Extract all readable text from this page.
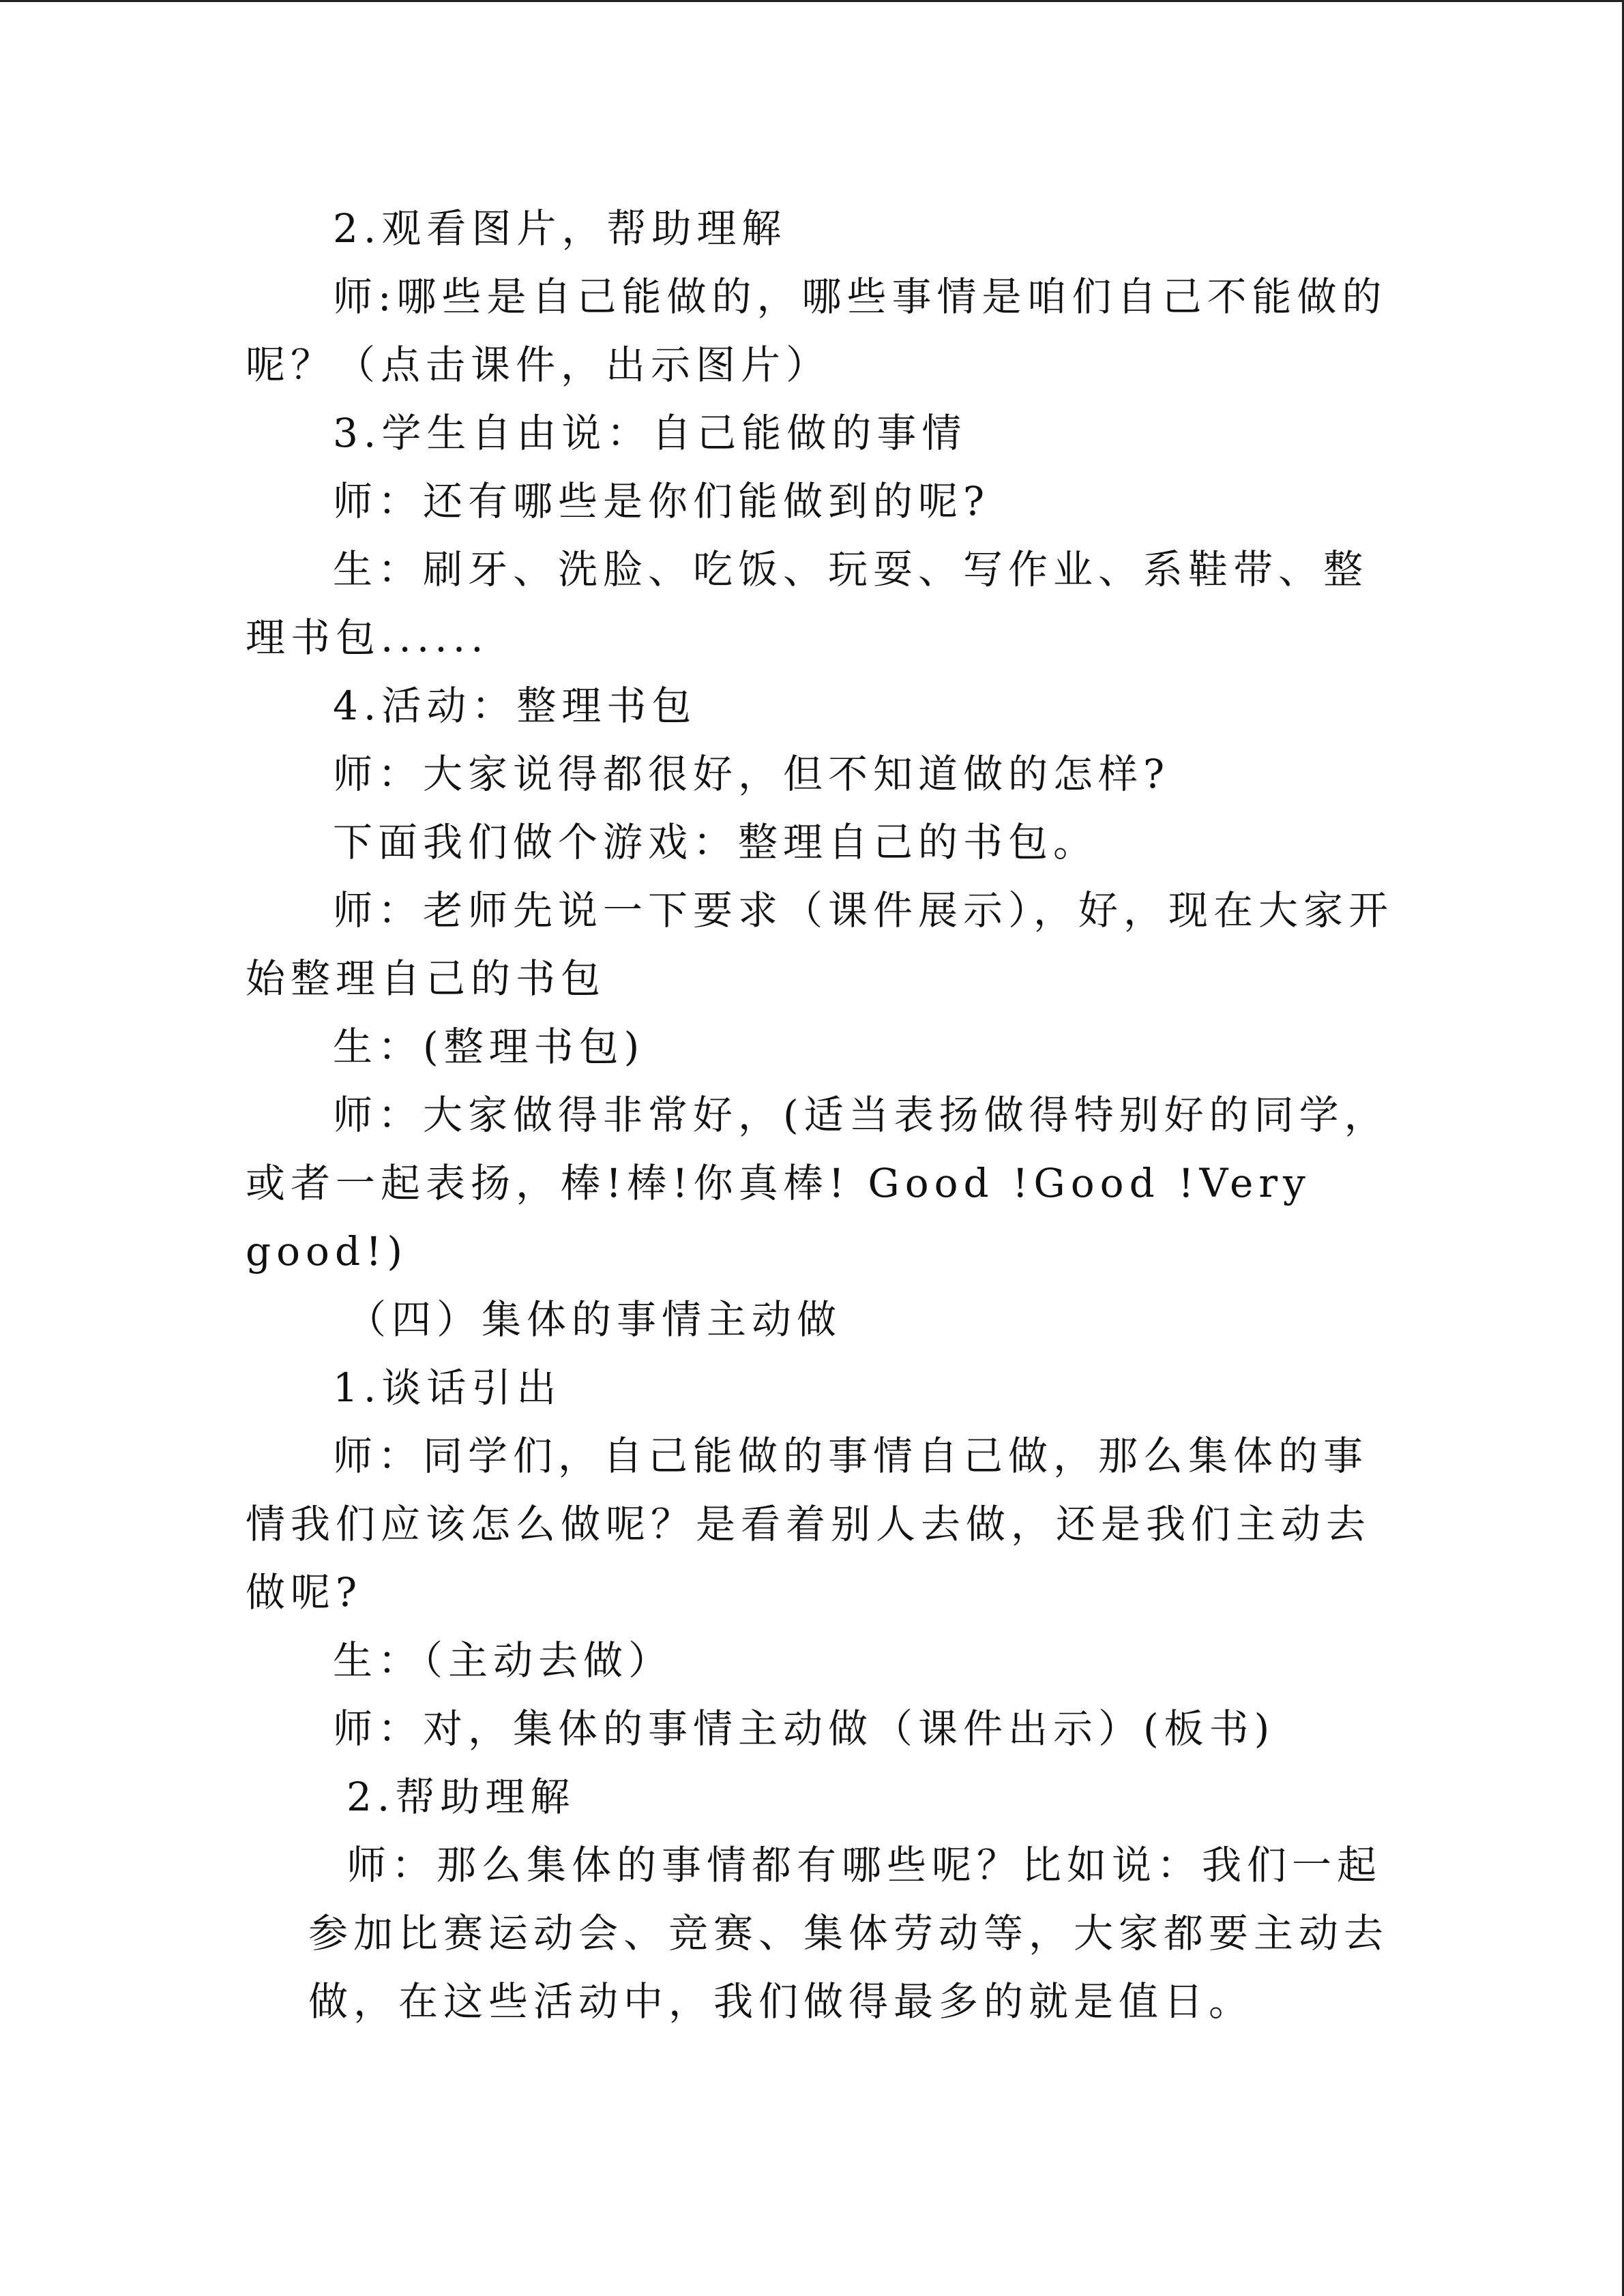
2.观看图片，帮助理解
师:哪些是自己能做的，哪些事情是咱们自己不能做的
呢？（点击课件，出示图片）
3.学生自由说：自己能做的事情
师：还有哪些是你们能做到的呢?
生：刷牙、洗脸、吃饭、玩耍、写作业、系鞋带、整
理书包......
4.活动：整理书包
师：大家说得都很好，但不知道做的怎样?
下面我们做个游戏：整理自己的书包。
师：老师先说一下要求（课件展示），好，现在大家开
始整理自己的书包
生：(整理书包)
师：大家做得非常好，(适当表扬做得特别好的同学，
或者一起表扬，棒!棒!你真棒! Good !Good !Very
good!)
（四）集体的事情主动做
1.谈话引出
师：同学们，自己能做的事情自己做，那么集体的事
情我们应该怎么做呢？是看着别人去做，还是我们主动去
做呢?
生：（主动去做）
师：对，集体的事情主动做（课件出示）(板书)
2.帮助理解
师：那么集体的事情都有哪些呢？比如说：我们一起
参加比赛运动会、竞赛、集体劳动等，大家都要主动去
做，在这些活动中，我们做得最多的就是值日。
